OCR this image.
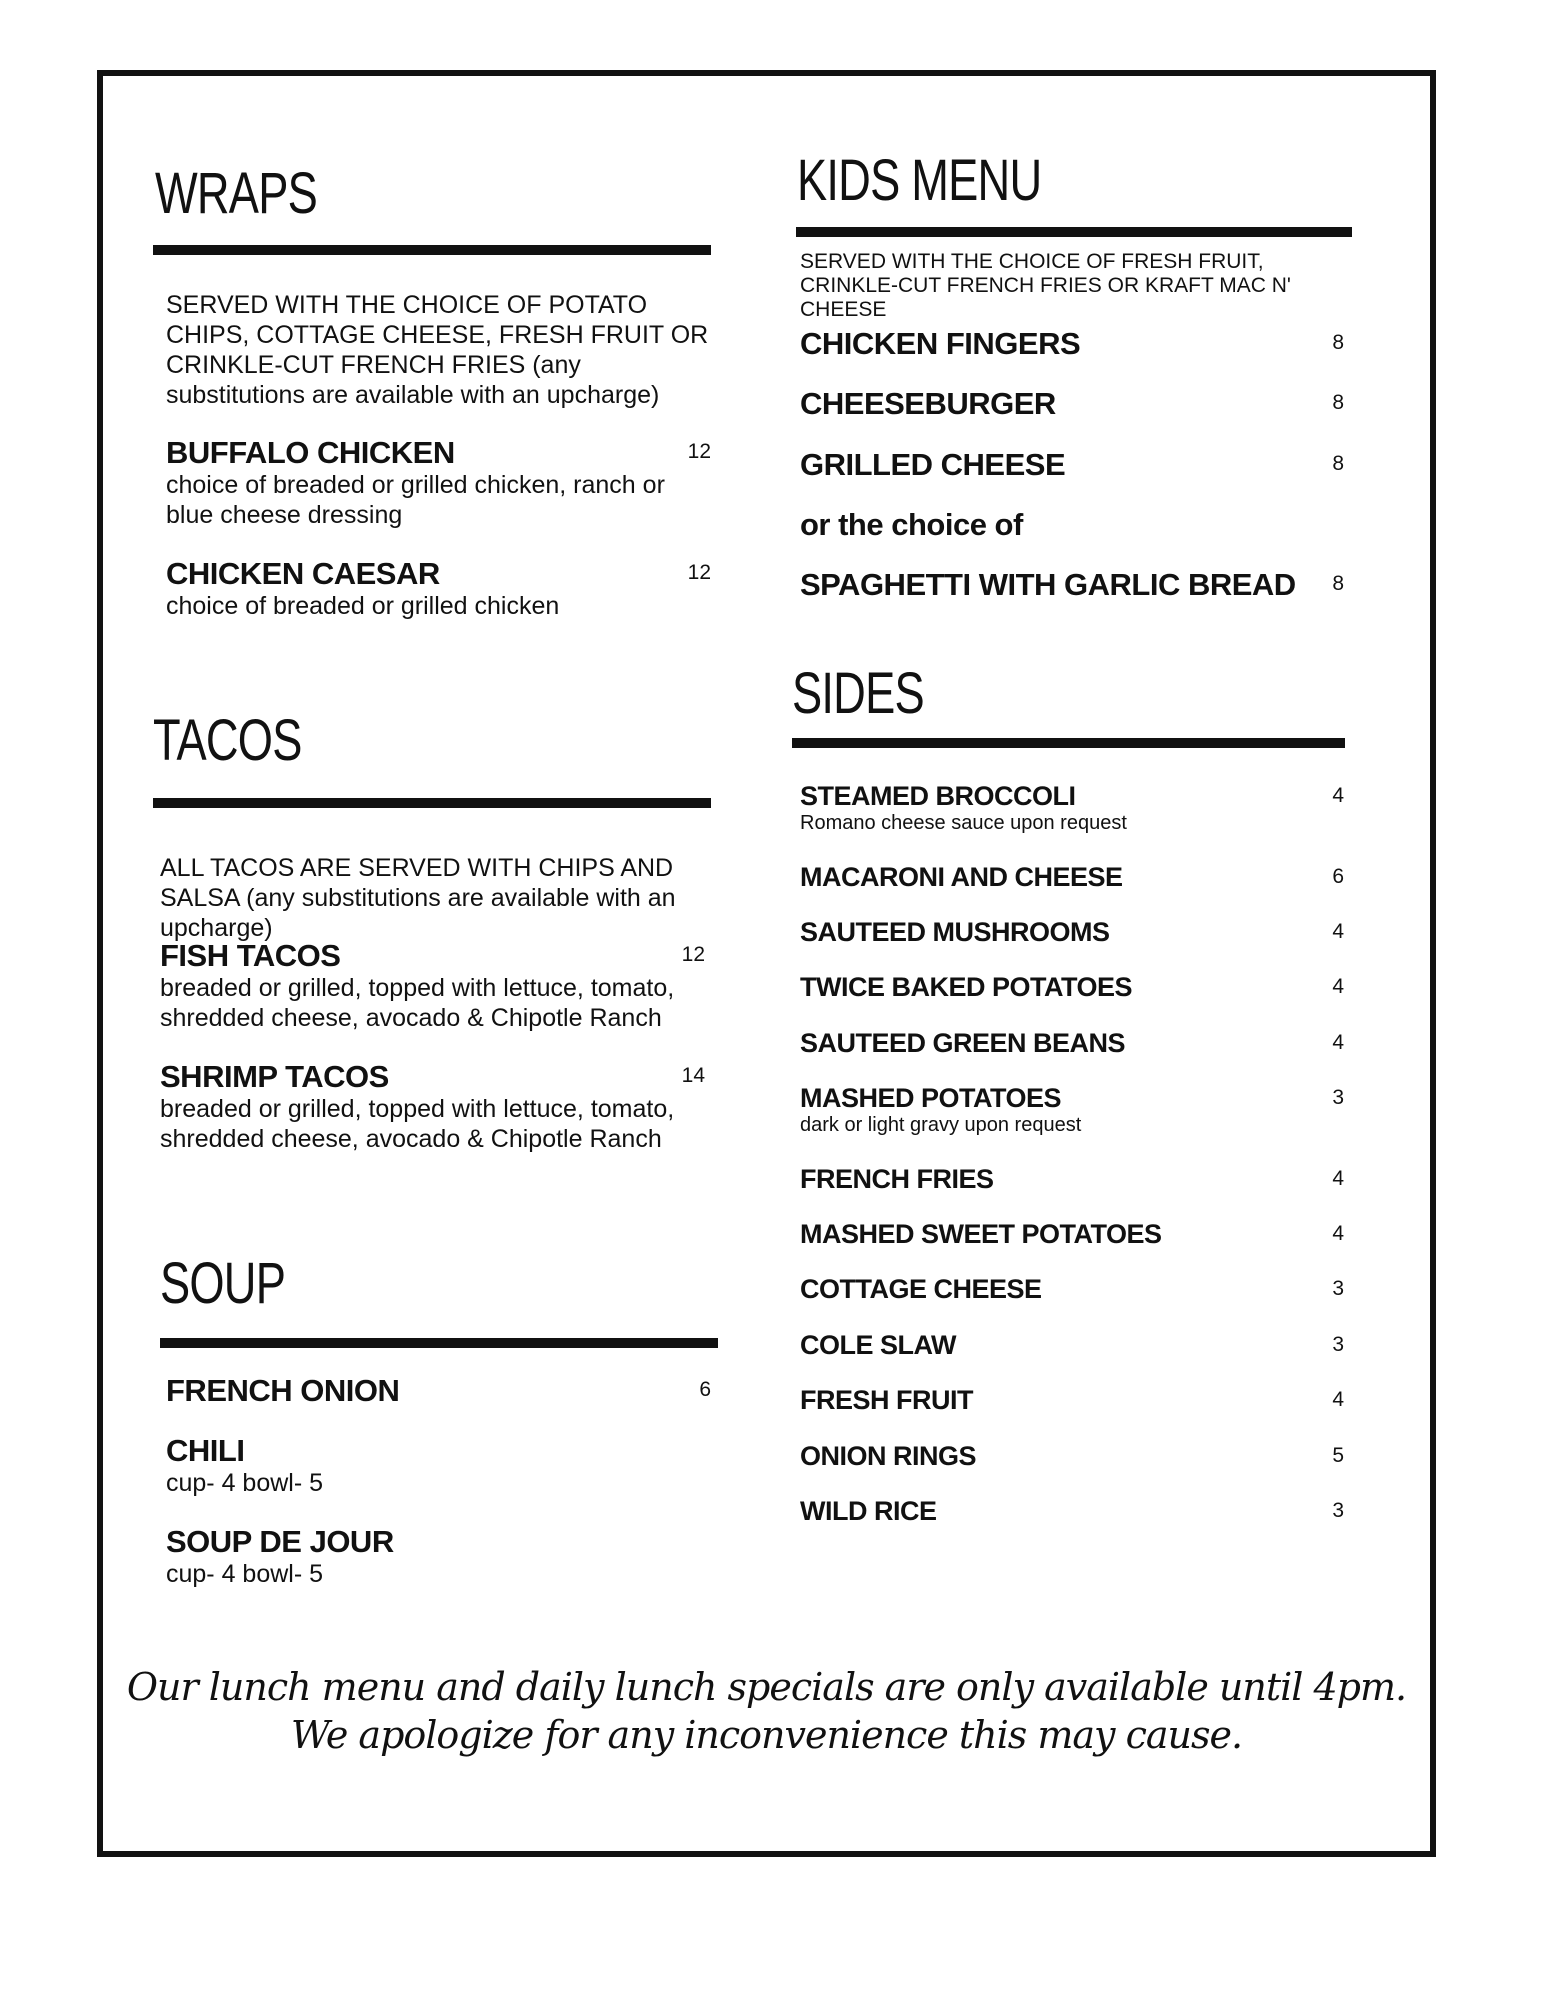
WRAPS
SERVED WITH THE CHOICE OF POTATO CHIPS, COTTAGE CHEESE, FRESH FRUIT OR CRINKLE-CUT FRENCH FRIES (any substitutions are available with an upcharge)
BUFFALO CHICKEN	12
choice of breaded or grilled chicken, ranch or blue cheese dressing
CHICKEN CAESAR	12
choice of breaded or grilled chicken
TACOS
ALL TACOS ARE SERVED WITH CHIPS AND SALSA (any substitutions are available with an upcharge)
FISH TACOS	12
breaded or grilled, topped with lettuce, tomato, shredded cheese, avocado & Chipotle Ranch
SHRIMP TACOS	14
breaded or grilled, topped with lettuce, tomato, shredded cheese, avocado & Chipotle Ranch
SOUP
FRENCH ONION	6
CHILI
cup- 4 bowl- 5
SOUP DE JOUR
cup- 4 bowl- 5
KIDS MENU
SERVED WITH THE CHOICE OF FRESH FRUIT, CRINKLE-CUT FRENCH FRIES OR KRAFT MAC N' CHEESE
CHICKEN FINGERS	8
CHEESEBURGER	8
GRILLED CHEESE	8
or the choice of
SPAGHETTI WITH GARLIC BREAD	8
SIDES
STEAMED BROCCOLI	4
Romano cheese sauce upon request
MACARONI AND CHEESE	6
SAUTEED MUSHROOMS	4
TWICE BAKED POTATOES	4
SAUTEED GREEN BEANS	4
MASHED POTATOES	3
dark or light gravy upon request
FRENCH FRIES	4
MASHED SWEET POTATOES	4
COTTAGE CHEESE	3
COLE SLAW	3
FRESH FRUIT	4
ONION RINGS	5
WILD RICE	3
Our lunch menu and daily lunch specials are only available until 4pm.
We apologize for any inconvenience this may cause.
